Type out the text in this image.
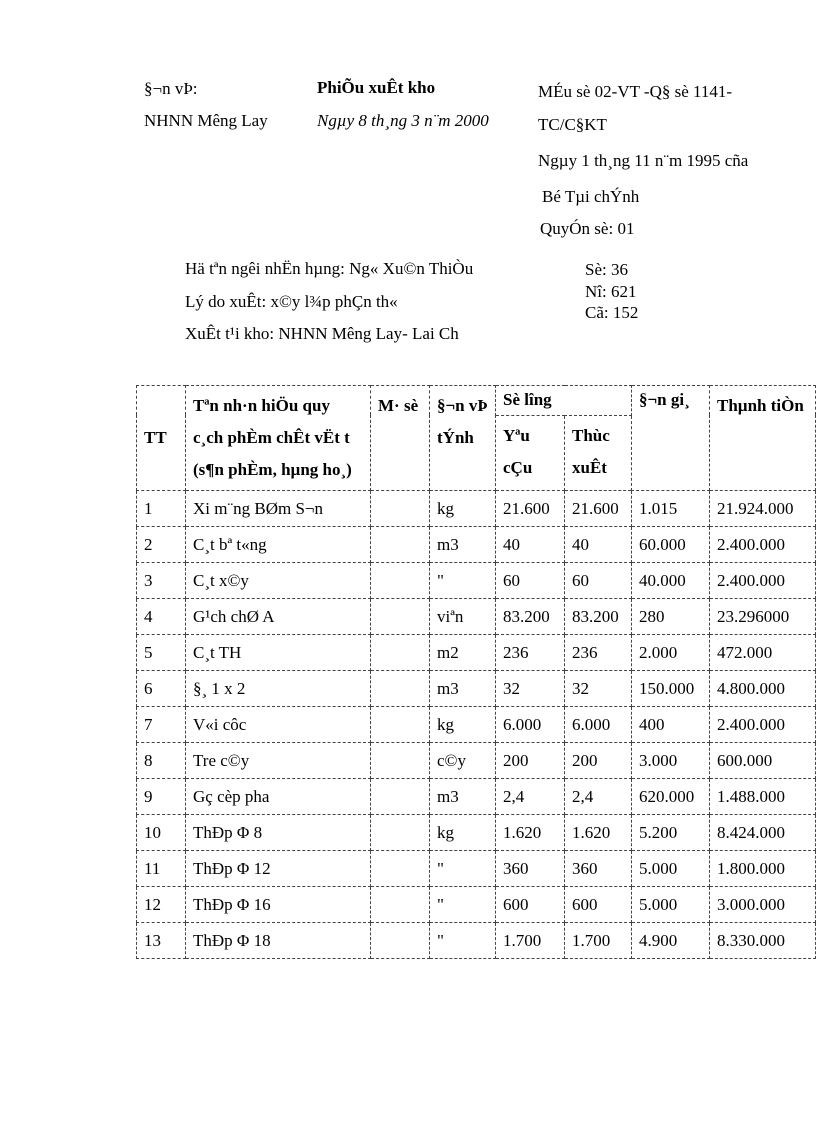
§¬n vÞ:
NHNN Mêng Lay
PhiÕu xuÊt kho
Ngµy 8 th¸ng 3 n¨m 2000
MÉu sè 02-VT -Q§ sè 1141-
TC/C§KT
Ngµy 1 th¸ng 11 n¨m 1995 cña
Bé Tµi chÝnh
QuyÓn sè: 01
Hä tªn ngêi nhËn hµng: Ng« Xu©n ThiÒu
Lý do xuÊt: x©y l¾p phÇn th«
XuÊt t¹i kho: NHNN Mêng Lay- Lai Ch
Sè: 36
Nî: 621
Cã: 152
TT	Tªn nh·n hiÖu quy c¸ch phÈm chÊt vËt t (s¶n phÈm, hµng ho¸)	M· sè	§¬n vÞ tÝnh	Sè lîng		§¬n gi¸	Thµnh tiÒn
				Yªu cÇu	Thùc xuÊt		
1	Xi m¨ng BØm S¬n		kg	21.600	21.600	1.015	21.924.000
2	C¸t bª t«ng		m3	40	40	60.000	2.400.000
3	C¸t x©y		"	60	60	40.000	2.400.000
4	G¹ch chØ A		viªn	83.200	83.200	280	23.296000
5	C¸t TH		m2	236	236	2.000	472.000
6	§¸ 1 x 2		m3	32	32	150.000	4.800.000
7	V«i côc		kg	6.000	6.000	400	2.400.000
8	Tre c©y		c©y	200	200	3.000	600.000
9	Gç cèp pha		m3	2,4	2,4	620.000	1.488.000
10	ThÐp Φ 8		kg	1.620	1.620	5.200	8.424.000
11	ThÐp Φ 12		"	360	360	5.000	1.800.000
12	ThÐp Φ 16		"	600	600	5.000	3.000.000
13	ThÐp Φ 18		"	1.700	1.700	4.900	8.330.000
